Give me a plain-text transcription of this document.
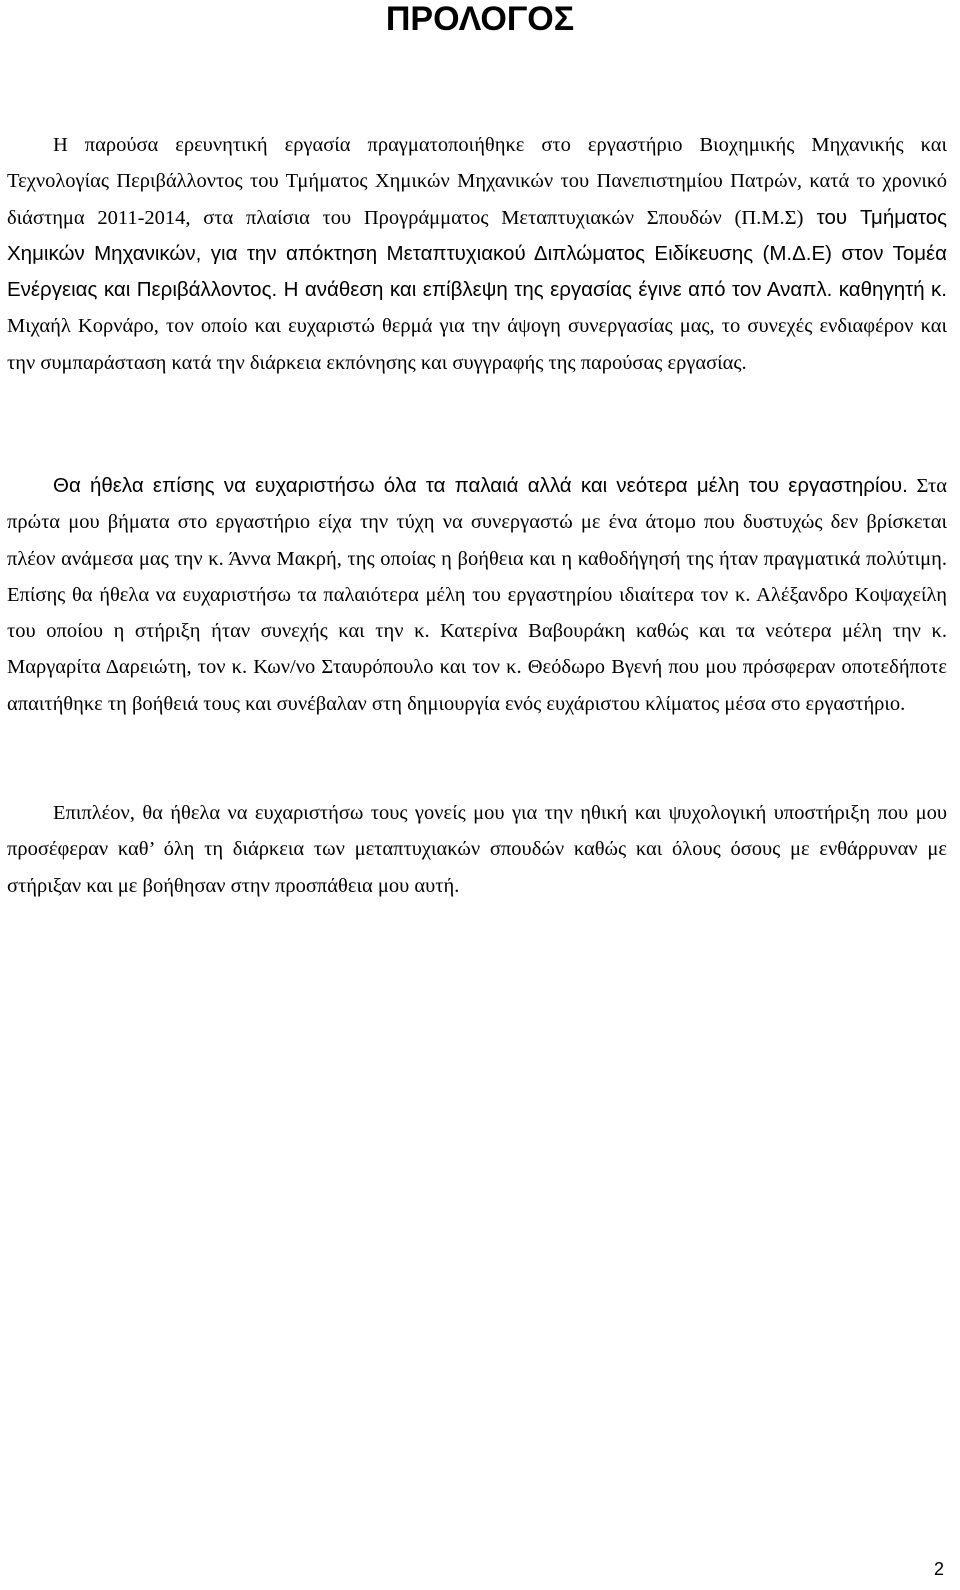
ΠΡΟΛΟΓΟΣ

Η παρούσα ερευνητική εργασία πραγματοποιήθηκε στο εργαστήριο Βιοχημικής Μηχανικής και Τεχνολογίας Περιβάλλοντος του Τμήματος Χημικών Μηχανικών του Πανεπιστημίου Πατρών, κατά το χρονικό διάστημα 2011-2014, στα πλαίσια του Προγράμματος Μεταπτυχιακών Σπουδών (Π.Μ.Σ) του Τμήματος Χημικών Μηχανικών, για την απόκτηση Μεταπτυχιακού Διπλώματος Ειδίκευσης (Μ.Δ.Ε) στον Τομέα Ενέργειας και Περιβάλλοντος. Η ανάθεση και επίβλεψη της εργασίας έγινε από τον Αναπλ. καθηγητή κ. Μιχαήλ Κορνάρο, τον οποίο και ευχαριστώ θερμά για την άψογη συνεργασίας μας, το συνεχές ενδιαφέρον και την συμπαράσταση κατά την διάρκεια εκπόνησης και συγγραφής της παρούσας εργασίας.

Θα ήθελα επίσης να ευχαριστήσω όλα τα παλαιά αλλά και νεότερα μέλη του εργαστηρίου. Στα πρώτα μου βήματα στο εργαστήριο είχα την τύχη να συνεργαστώ με ένα άτομο που δυστυχώς δεν βρίσκεται πλέον ανάμεσα μας την κ. Άννα Μακρή, της οποίας η βοήθεια και η καθοδήγησή της ήταν πραγματικά πολύτιμη. Επίσης θα ήθελα να ευχαριστήσω τα παλαιότερα μέλη του εργαστηρίου ιδιαίτερα τον κ. Αλέξανδρο Κοψαχείλη του οποίου η στήριξη ήταν συνεχής και την κ. Κατερίνα Βαβουράκη καθώς και τα νεότερα μέλη την κ. Μαργαρίτα Δαρειώτη, τον κ. Κων/νο Σταυρόπουλο και τον κ. Θεόδωρο Βγενή που μου πρόσφεραν οποτεδήποτε απαιτήθηκε τη βοήθειά τους και συνέβαλαν στη δημιουργία ενός ευχάριστου κλίματος μέσα στο εργαστήριο.

Επιπλέον, θα ήθελα να ευχαριστήσω τους γονείς μου για την ηθική και ψυχολογική υποστήριξη που μου προσέφεραν καθ’ όλη τη διάρκεια των μεταπτυχιακών σπουδών καθώς και όλους όσους με ενθάρρυναν με στήριξαν και με βοήθησαν στην προσπάθεια μου αυτή.

2
